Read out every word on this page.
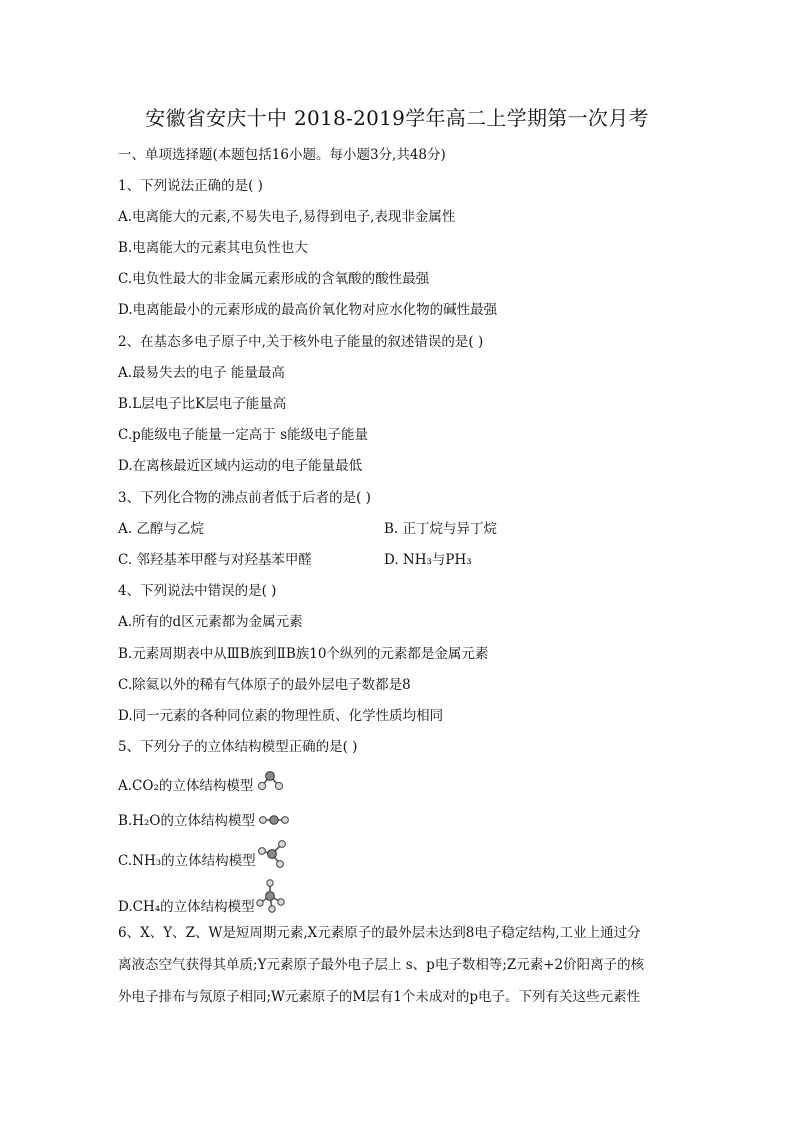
安徽省安庆十中 2018-2019学年高二上学期第一次月考
一、单项选择题(本题包括16小题。每小题3分,共48分)
1、下列说法正确的是( )
A.电离能大的元素,不易失电子,易得到电子,表现非金属性
B.电离能大的元素其电负性也大
C.电负性最大的非金属元素形成的含氧酸的酸性最强
D.电离能最小的元素形成的最高价氧化物对应水化物的碱性最强
2、在基态多电子原子中,关于核外电子能量的叙述错误的是( )
A.最易失去的电子 能量最高
B.L层电子比K层电子能量高
C.p能级电子能量一定高于 s能级电子能量
D.在离核最近区域内运动的电子能量最低
3、下列化合物的沸点前者低于后者的是( )
A. 乙醇与乙烷	B. 正丁烷与异丁烷
C. 邻羟基苯甲醛与对羟基苯甲醛	D. NH₃与PH₃
4、下列说法中错误的是( )
A.所有的d区元素都为金属元素
B.元素周期表中从ⅢB族到ⅡB族10个纵列的元素都是金属元素
C.除氦以外的稀有气体原子的最外层电子数都是8
D.同一元素的各种同位素的物理性质、化学性质均相同
5、下列分子的立体结构模型正确的是( )
A.CO₂的立体结构模型
B.H₂O的立体结构模型
C.NH₃的立体结构模型
D.CH₄的立体结构模型
6、X、Y、Z、W是短周期元素,X元素原子的最外层未达到8电子稳定结构,工业上通过分
离液态空气获得其单质;Y元素原子最外电子层上 s、p电子数相等;Z元素+2价阳离子的核
外电子排布与氖原子相同;W元素原子的M层有1个未成对的p电子。下列有关这些元素性
